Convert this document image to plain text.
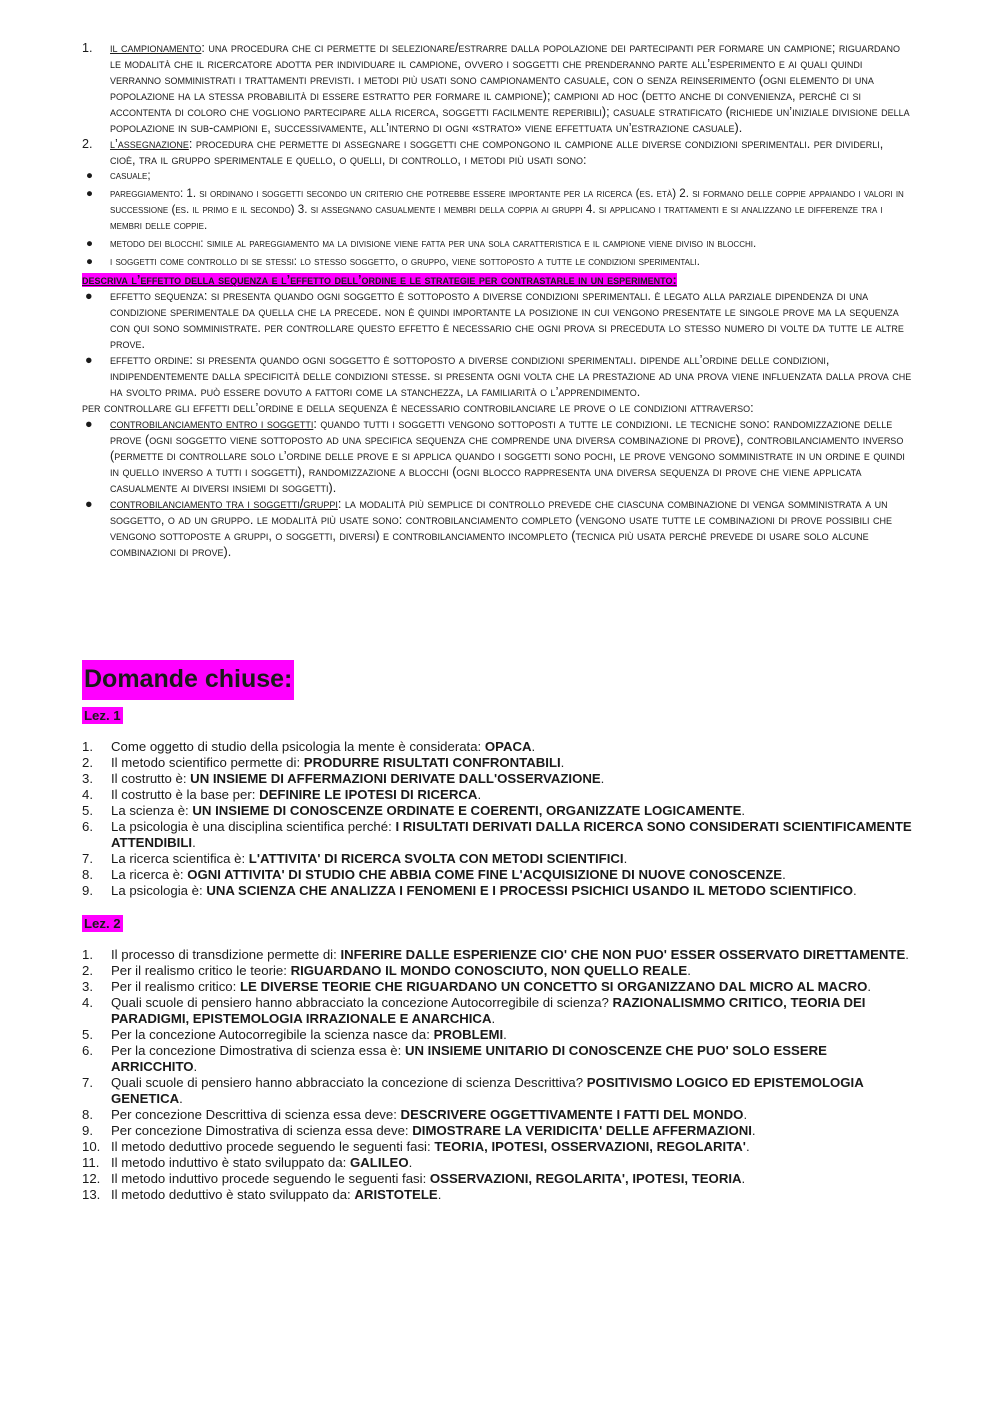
1. il campionamento: una procedura che ci permette di selezionare/estrarre dalla popolazione dei partecipanti per formare un campione; riguardano le modalità che il ricercatore adotta per individuare il campione, ovvero i soggetti che prenderanno parte all’esperimento e ai quali quindi verranno somministrati i trattamenti previsti. i metodi più usati sono campionamento casuale, con o senza reinserimento (ogni elemento di una popolazione ha la stessa probabilità di essere estratto per formare il campione); campioni ad hoc (detto anche di convenienza, perché ci si accontenta di coloro che vogliono partecipare alla ricerca, soggetti facilmente reperibili); casuale stratificato (richiede un’iniziale divisione della popolazione in sub-campioni e, successivamente, all’interno di ogni «strato» viene effettuata un’estrazione casuale).
2. l’assegnazione: procedura che permette di assegnare i soggetti che compongono il campione alle diverse condizioni sperimentali. per dividerli, cioè, tra il gruppo sperimentale e quello, o quelli, di controllo, i metodi più usati sono:
● casuale;
● pareggiamento: 1. si ordinano i soggetti secondo un criterio che potrebbe essere importante per la ricerca (es. età) 2. si formano delle coppie appaiando i valori in successione (es. il primo e il secondo) 3. si assegnano casualmente i membri della coppia ai gruppi 4. si applicano i trattamenti e si analizzano le differenze tra i membri delle coppie.
● metodo dei blocchi: simile al pareggiamento ma la divisione viene fatta per una sola caratteristica e il campione viene diviso in blocchi.
● i soggetti come controllo di se stessi: lo stesso soggetto, o gruppo, viene sottoposto a tutte le condizioni sperimentali.
descriva l’effetto della sequenza e l’effetto dell’ordine e le strategie per contrastarle in un esperimento:
● effetto sequenza: si presenta quando ogni soggetto è sottoposto a diverse condizioni sperimentali. è legato alla parziale dipendenza di una condizione sperimentale da quella che la precede. non è quindi importante la posizione in cui vengono presentate le singole prove ma la sequenza con qui sono somministrate. per controllare questo effetto è necessario che ogni prova si preceduta lo stesso numero di volte da tutte le altre prove.
● effetto ordine: si presenta quando ogni soggetto è sottoposto a diverse condizioni sperimentali. dipende all’ordine delle condizioni, indipendentemente dalla specificità delle condizioni stesse. si presenta ogni volta che la prestazione ad una prova viene influenzata dalla prova che ha svolto prima. può essere dovuto a fattori come la stanchezza, la familiarità o l’apprendimento.
per controllare gli effetti dell’ordine e della sequenza è necessario controbilanciare le prove o le condizioni attraverso:
● controbilanciamento entro i soggetti: quando tutti i soggetti vengono sottoposti a tutte le condizioni. le tecniche sono: randomizzazione delle prove (ogni soggetto viene sottoposto ad una specifica sequenza che comprende una diversa combinazione di prove), controbilanciamento inverso (permette di controllare solo l’ordine delle prove e si applica quando i soggetti sono pochi, le prove vengono somministrate in un ordine e quindi in quello inverso a tutti i soggetti), randomizzazione a blocchi (ogni blocco rappresenta una diversa sequenza di prove che viene applicata casualmente ai diversi insiemi di soggetti).
● controbilanciamento tra i soggetti/gruppi: la modalità più semplice di controllo prevede che ciascuna combinazione di venga somministrata a un soggetto, o ad un gruppo. le modalità più usate sono: controbilanciamento completo (vengono usate tutte le combinazioni di prove possibili che vengono sottoposte a gruppi, o soggetti, diversi) e controbilanciamento incompleto (tecnica più usata perché prevede di usare solo alcune combinazioni di prove).
Domande chiuse:
Lez. 1
1. Come oggetto di studio della psicologia la mente è considerata: OPACA.
2. Il metodo scientifico permette di: PRODURRE RISULTATI CONFRONTABILI.
3. Il costrutto è: UN INSIEME DI AFFERMAZIONI DERIVATE DALL'OSSERVAZIONE.
4. Il costrutto è la base per: DEFINIRE LE IPOTESI DI RICERCA.
5. La scienza è: UN INSIEME DI CONOSCENZE ORDINATE E COERENTI, ORGANIZZATE LOGICAMENTE.
6. La psicologia è una disciplina scientifica perché: I RISULTATI DERIVATI DALLA RICERCA SONO CONSIDERATI SCIENTIFICAMENTE ATTENDIBILI.
7. La ricerca scientifica è: L'ATTIVITA' DI RICERCA SVOLTA CON METODI SCIENTIFICI.
8. La ricerca è: OGNI ATTIVITA' DI STUDIO CHE ABBIA COME FINE L'ACQUISIZIONE DI NUOVE CONOSCENZE.
9. La psicologia è: UNA SCIENZA CHE ANALIZZA I FENOMENI E I PROCESSI PSICHICI USANDO IL METODO SCIENTIFICO.
Lez. 2
1. Il processo di transdizione permette di: INFERIRE DALLE ESPERIENZE CIO' CHE NON PUO' ESSER OSSERVATO DIRETTAMENTE.
2. Per il realismo critico le teorie: RIGUARDANO IL MONDO CONOSCIUTO, NON QUELLO REALE.
3. Per il realismo critico: LE DIVERSE TEORIE CHE RIGUARDANO UN CONCETTO SI ORGANIZZANO DAL MICRO AL MACRO.
4. Quali scuole di pensiero hanno abbracciato la concezione Autocorregibile di scienza? RAZIONALISMMO CRITICO, TEORIA DEI PARADIGMI, EPISTEMOLOGIA IRRAZIONALE E ANARCHICA.
5. Per la concezione Autocorregibile la scienza nasce da: PROBLEMI.
6. Per la concezione Dimostrativa di scienza essa è: UN INSIEME UNITARIO DI CONOSCENZE CHE PUO' SOLO ESSERE ARRICCHITO.
7. Quali scuole di pensiero hanno abbracciato la concezione di scienza Descrittiva? POSITIVISMO LOGICO ED EPISTEMOLOGIA GENETICA.
8. Per concezione Descrittiva di scienza essa deve: DESCRIVERE OGGETTIVAMENTE I FATTI DEL MONDO.
9. Per concezione Dimostrativa di scienza essa deve: DIMOSTRARE LA VERIDICITA' DELLE AFFERMAZIONI.
10. Il metodo deduttivo procede seguendo le seguenti fasi: TEORIA, IPOTESI, OSSERVAZIONI, REGOLARITA'.
11. Il metodo induttivo è stato sviluppato da: GALILEO.
12. Il metodo induttivo procede seguendo le seguenti fasi: OSSERVAZIONI, REGOLARITA', IPOTESI, TEORIA.
13. Il metodo deduttivo è stato sviluppato da: ARISTOTELE.
